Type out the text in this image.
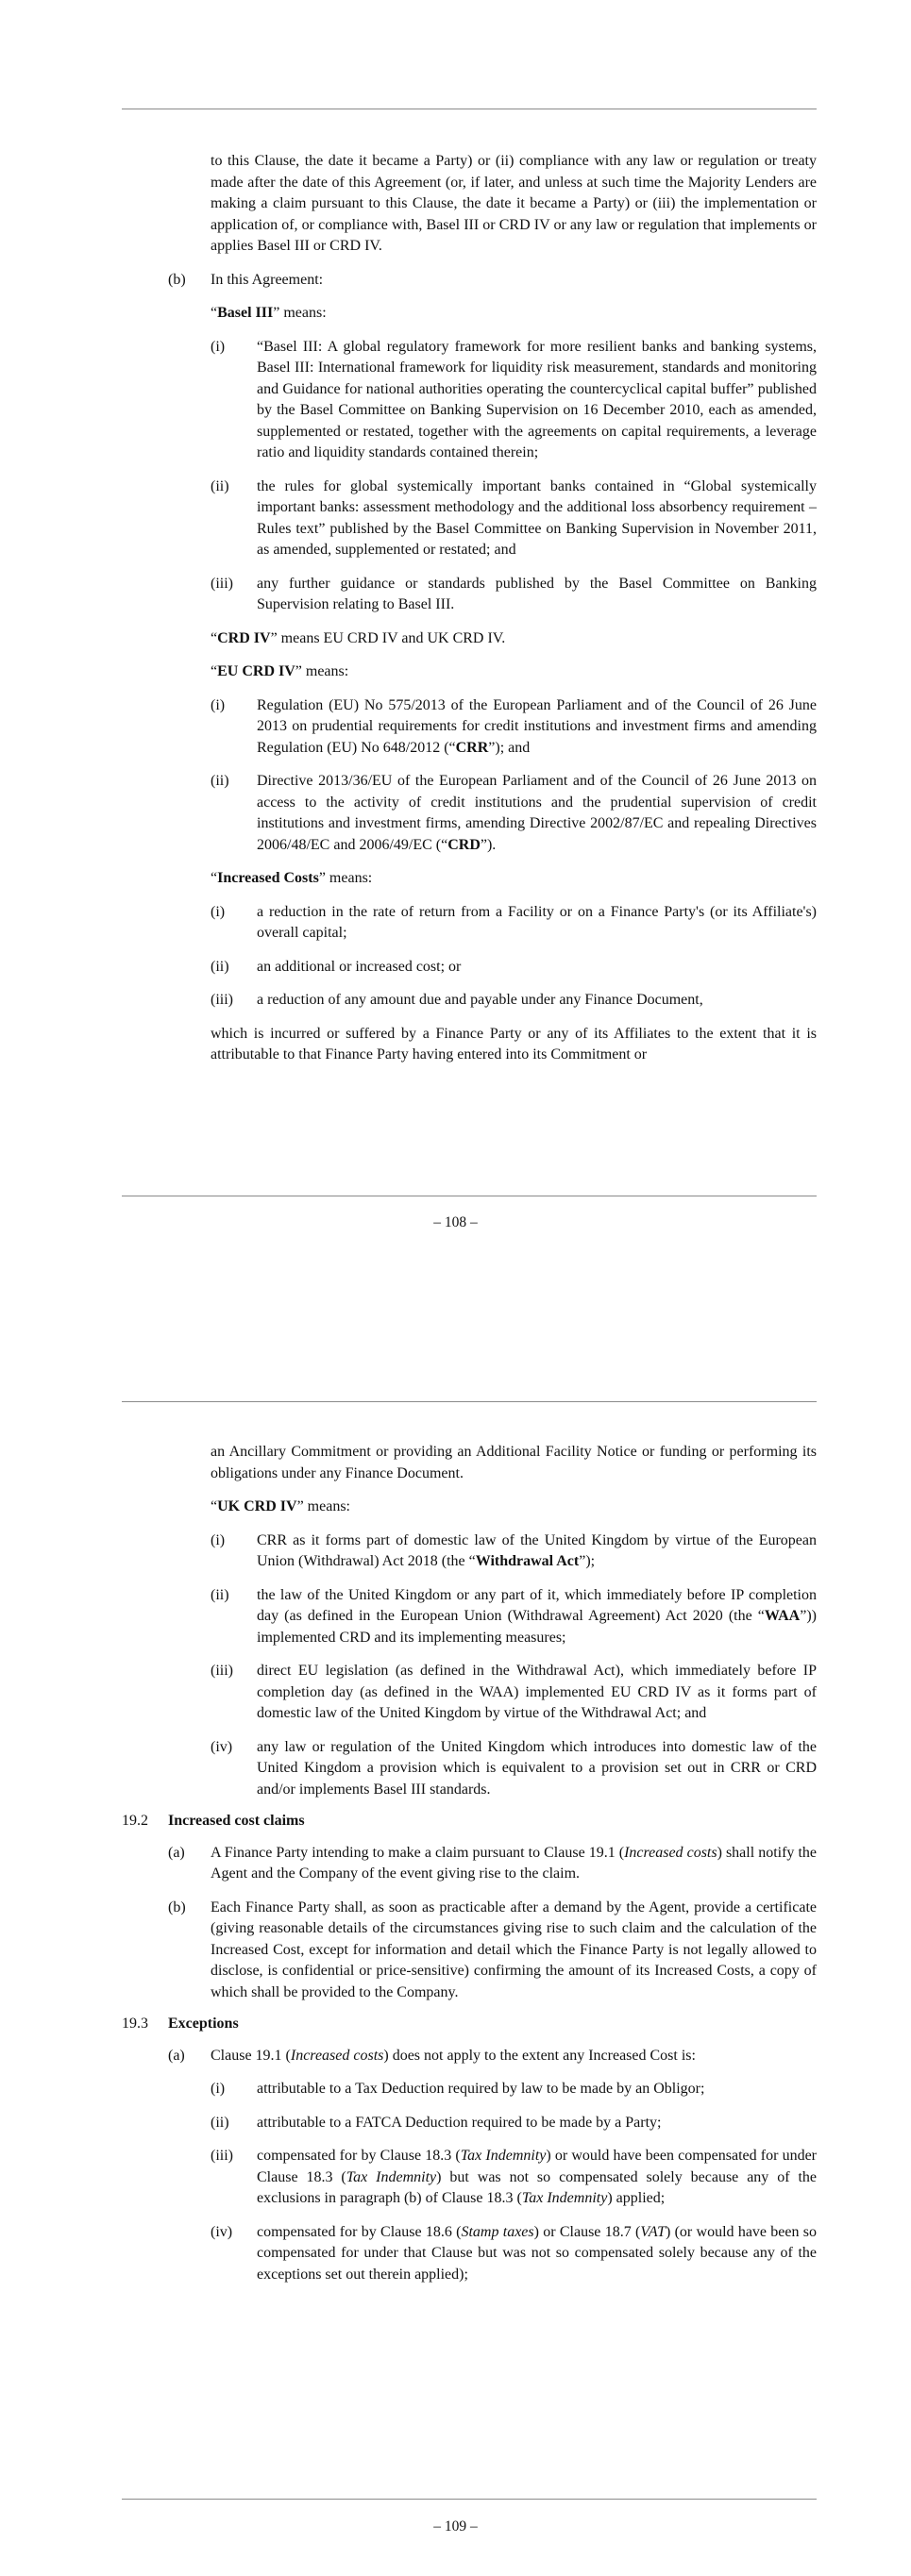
to this Clause, the date it became a Party) or (ii) compliance with any law or regulation or treaty made after the date of this Agreement (or, if later, and unless at such time the Majority Lenders are making a claim pursuant to this Clause, the date it became a Party) or (iii) the implementation or application of, or compliance with, Basel III or CRD IV or any law or regulation that implements or applies Basel III or CRD IV.

(b) In this Agreement:
“Basel III” means:
(i) “Basel III: A global regulatory framework for more resilient banks and banking systems, Basel III: International framework for liquidity risk measurement, standards and monitoring and Guidance for national authorities operating the countercyclical capital buffer” published by the Basel Committee on Banking Supervision on 16 December 2010, each as amended, supplemented or restated, together with the agreements on capital requirements, a leverage ratio and liquidity standards contained therein;
(ii) the rules for global systemically important banks contained in “Global systemically important banks: assessment methodology and the additional loss absorbency requirement – Rules text” published by the Basel Committee on Banking Supervision in November 2011, as amended, supplemented or restated; and
(iii) any further guidance or standards published by the Basel Committee on Banking Supervision relating to Basel III.
“CRD IV” means EU CRD IV and UK CRD IV.
“EU CRD IV” means:
(i) Regulation (EU) No 575/2013 of the European Parliament and of the Council of 26 June 2013 on prudential requirements for credit institutions and investment firms and amending Regulation (EU) No 648/2012 (“CRR”); and
(ii) Directive 2013/36/EU of the European Parliament and of the Council of 26 June 2013 on access to the activity of credit institutions and the prudential supervision of credit institutions and investment firms, amending Directive 2002/87/EC and repealing Directives 2006/48/EC and 2006/49/EC (“CRD”).
“Increased Costs” means:
(i) a reduction in the rate of return from a Facility or on a Finance Party's (or its Affiliate's) overall capital;
(ii) an additional or increased cost; or
(iii) a reduction of any amount due and payable under any Finance Document,

which is incurred or suffered by a Finance Party or any of its Affiliates to the extent that it is attributable to that Finance Party having entered into its Commitment or

– 108 –

an Ancillary Commitment or providing an Additional Facility Notice or funding or performing its obligations under any Finance Document.

“UK CRD IV” means:
(i) CRR as it forms part of domestic law of the United Kingdom by virtue of the European Union (Withdrawal) Act 2018 (the “Withdrawal Act”);
(ii) the law of the United Kingdom or any part of it, which immediately before IP completion day (as defined in the European Union (Withdrawal Agreement) Act 2020 (the “WAA”)) implemented CRD and its implementing measures;
(iii) direct EU legislation (as defined in the Withdrawal Act), which immediately before IP completion day (as defined in the WAA) implemented EU CRD IV as it forms part of domestic law of the United Kingdom by virtue of the Withdrawal Act; and
(iv) any law or regulation of the United Kingdom which introduces into domestic law of the United Kingdom a provision which is equivalent to a provision set out in CRR or CRD and/or implements Basel III standards.
19.2 Increased cost claims
(a) A Finance Party intending to make a claim pursuant to Clause 19.1 (Increased costs) shall notify the Agent and the Company of the event giving rise to the claim.
(b) Each Finance Party shall, as soon as practicable after a demand by the Agent, provide a certificate (giving reasonable details of the circumstances giving rise to such claim and the calculation of the Increased Cost, except for information and detail which the Finance Party is not legally allowed to disclose, is confidential or price-sensitive) confirming the amount of its Increased Costs, a copy of which shall be provided to the Company.
19.3 Exceptions
(a) Clause 19.1 (Increased costs) does not apply to the extent any Increased Cost is:
(i) attributable to a Tax Deduction required by law to be made by an Obligor;
(ii) attributable to a FATCA Deduction required to be made by a Party;
(iii) compensated for by Clause 18.3 (Tax Indemnity) or would have been compensated for under Clause 18.3 (Tax Indemnity) but was not so compensated solely because any of the exclusions in paragraph (b) of Clause 18.3 (Tax Indemnity) applied;
(iv) compensated for by Clause 18.6 (Stamp taxes) or Clause 18.7 (VAT) (or would have been so compensated for under that Clause but was not so compensated solely because any of the exceptions set out therein applied);
– 109 –
